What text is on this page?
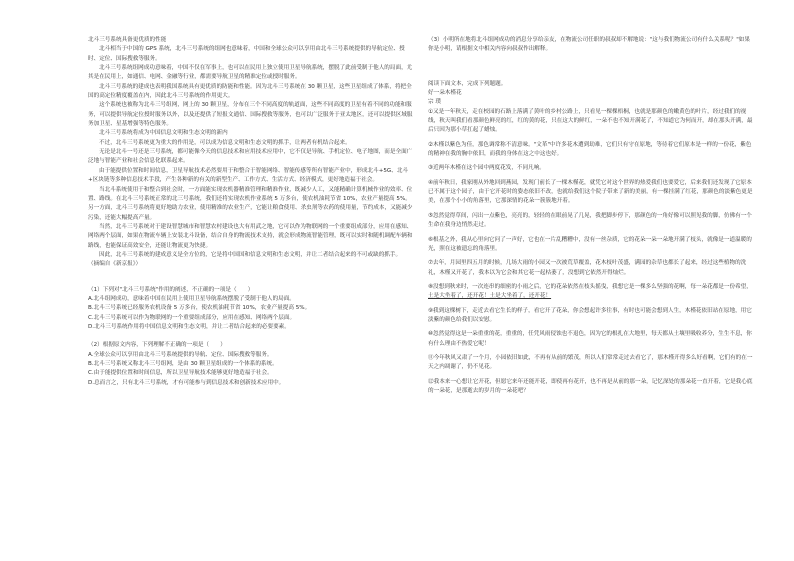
北斗三号系统具备更优质的性能

北斗相当于中国的 GPS 系统，北斗三号系统的组网也意味着，中国和全球公众可以享用由北斗三号系统提供的导航定位、授时、定位、国际搜救等服务。

北斗三号系统组网成功意味着，中国不仅在军事上，也可以在民用上独立使用卫星导航系统，摆脱了此前受制于他人的局面，尤其是在民用上，如通信、电网、金融等行业，都需要导航卫星的精准定位或授时服务。

北斗三号系统的建成也表明我国系统具有更优质的防能和性能。因为北斗三号系统在 30 颗卫星，这些卫星组成了体系，将把全国的高定位精度覆盖在内，因此北斗三号系统的作用更大。

这个系统也被称为北斗三号组网，网上的 30 颗卫星，分布在三个不同高度的轨道面，这些不同高度的卫星有着不同的功能和服务，可以提供导航定位授时服务以外，以及还提供了短报文通信、国际搜救等服务，也可以广泛服务于亚太地区，还可以提供区域服务加卫星、星基增强等特色服务。

北斗三号系统将成为中国信息文明和生态文明的新内

不过，北斗三号系统更为重大的作用是，可以成为信息文明和生态文明的抓手，让两者有机结合起来。

无论是北斗一号还是三号系统，都可能像今天的信息技术和应用技术应用中，它不仅是导航、手机定位、电子地图，而是全面广泛地与智能产业和社会信息化联系起来。

由于能提供位置和时间信息，卫星导航技术必然要用于和整合于智能网络、智能传感等所有智能产业中，形成北斗+5G、北斗+区块链等多种信息技术手段，产生各种新的有关的新型生产、工作方式、生活方式、经济模式，更好地造福于社会。

当北斗系统使用于和整合到社会时，一方面能实现农机器精准管理和精准作业，既减少人工，又能精确计算机械作业的效率、位置、路线。在北斗三号系统正常的北三号系统，我们还将实现农机作业系统 5 万多台，使农机油耗节省 10%，农业产量提高 5%。另一方面，北斗三号系统将更好地助力农业，使用精准的农业生产，它能让粮食使用、杀虫剂等农药的使用量，节约成本，又能减少污染，还能大幅提高产量。

当然，北斗三号系统对于建设智慧城市和智慧农村建设也大有用武之地，它可以作为物联网的一个重要组成部分，应用在感知、网络两个层面，如果在物流车辆上安装北斗设备，结合自身的物流技术支持，就会形成物流智能管理，既可以实时和随机调配车辆和路线，也能保证高效安全，还能让物流更为快捷。

因此，北斗三号系统的建成意义是全方位的，它是将中国国和信息文明和生态文明，并让二者结合起来的不可或缺的抓手。

（摘编自《新京报》）

（1）下列对"北斗三号系统"作用的阐述，不正确的一项是（　　）

A.北斗组网成功，意味着中国在民用上使用卫星导航系统摆脱了受制于他人的局面。

B.北斗三号系统已经服务农机设备 5 万多台，使农机油耗节省 10%，农业产量提高 5%。

C.北斗三号系统可以作为物联网的一个重要组成部分，应用在感知、网络两个层面。

D.北斗三号系统作用将中国信息文明和生态文明，并让二者结合起来的必要要素。

（2）根据原文内容，下列理解不正确的一项是（　　）

A.全球公众可以享用由北斗三号系统提供的导航、定位、国际搜救等服务。

B.北斗三号系统又称北斗三号组网，是由 30 颗卫星组成的一个体系的系统。

C.由于能提供位置和时间信息，所以卫星导航技术能够更好地造福于社会。

D.总而言之，只有北斗三号系统，才有可能参与到信息技术和创新技术应用中。

（3）小明所在地将北斗组网成功的消息分享给亲友，在物流公司任职的叔叔却不解地说："这与我们物流公司有什么关系呢？"如果你是小明，请根据文中相关内容向叔叔作出解释。

阅读下面文本，完成下列题题。

好一朵木槿花

宗 璞

①又是一年秋天，走在校园的石路上落满了黄叶的乡村公路上，只看见一棵棵梧桐，也就是那颜色的嫩黄色的叶片，经过我们的视线，秋天叫我们看那颜色鲜亮的红，红的黄的花，只在这大的鲜红，一朵不也不知开满花了，不知道它为何而开，却在那头开满，最后只因为那小草扛起了蜡烛。

②木槿以紫色为佳，那色调常称不清意味。"文革"中许多花木遭到劫难，它们只有守在原地，等待着它们原本是一样的一份花，紫色的精神在我的胸中依旧，而我的身体在这之中这也好。

③近两年木槿在这个园中两度花发，不同凡响。

④前年秋日，我家刚从外地回到燕园，发现门前长了一棵木槿花，就凭它对这个世界的热爱我们也要爱它，后来我们还发现了它原本已不属于这个园子，由于它开花时的姿态依旧不改，也就给我们这个院子带来了新的美丽，有一棵挂满了红花，那颜色的淡紫色更是美，在那个小小的角落里，它那深情的花朵一簇簇地开着。

⑤忽然觉得草间，闪出一点紫色，亮亮的，轻轻的在眼前晃了几晃，我把脚步停下，那颜色的一角好像可以照见我的脚，仿佛有一个生命在我身边悄然走过。

⑥根基之外，我从心里向它问了一声好，它也在一片乱糟糟中，没有一丝杂质，它的花朵一朵一朵地开满了枝头，就像是一道温暖的光，照在这被遗忘的角落里。

⑦去年，月园里四五月的时候，几场大雨的小园又一次被荒草覆盖，花木枝叶茂盛，满园的杂草也都长了起来，经过这些植物的洗礼，木槿又开花了，我本以为它会和其它花一起枯萎了，没想到它依然开得灿烂。

⑧没想到秋来时，一次连串的细密的小雨之后，它的花朵依然在枝头摇曳，我想它是一棵多么坚强的花啊，每一朵花都是一份希望，土是大坐着了，还开花！土是大坐着了，还开花！

⑨我到这棵树下，走近去看它生长的样子，看它开了花朵，你会想起许多往事，有时也可能会想到人生，木槿花依旧站在原地，用它淡紫的颜色给我们以安慰。

⑩忽然觉得这是一朵重重的花，重重的，任凭风雨侵蚀也不退色，因为它的根扎在大地里，每天都从土壤里吸收养分，生生不息，你有什么理由不热爱它呢！

⑪今年秋风又肃了一个月，小园依旧如此，不再有从前的繁茂，所以人们常常走过去看它了，那木槿开得多么好看啊，它们有的在一天之内凋谢了，仍不见花。

⑫我本来一心想让它开花，但愿它来年还能开花，即使再有花开，也不再是从前的那一朵，记忆深处的那朵花一直开着，它是我心底的一朵花，是那逝去的岁月的一朵花吧？
